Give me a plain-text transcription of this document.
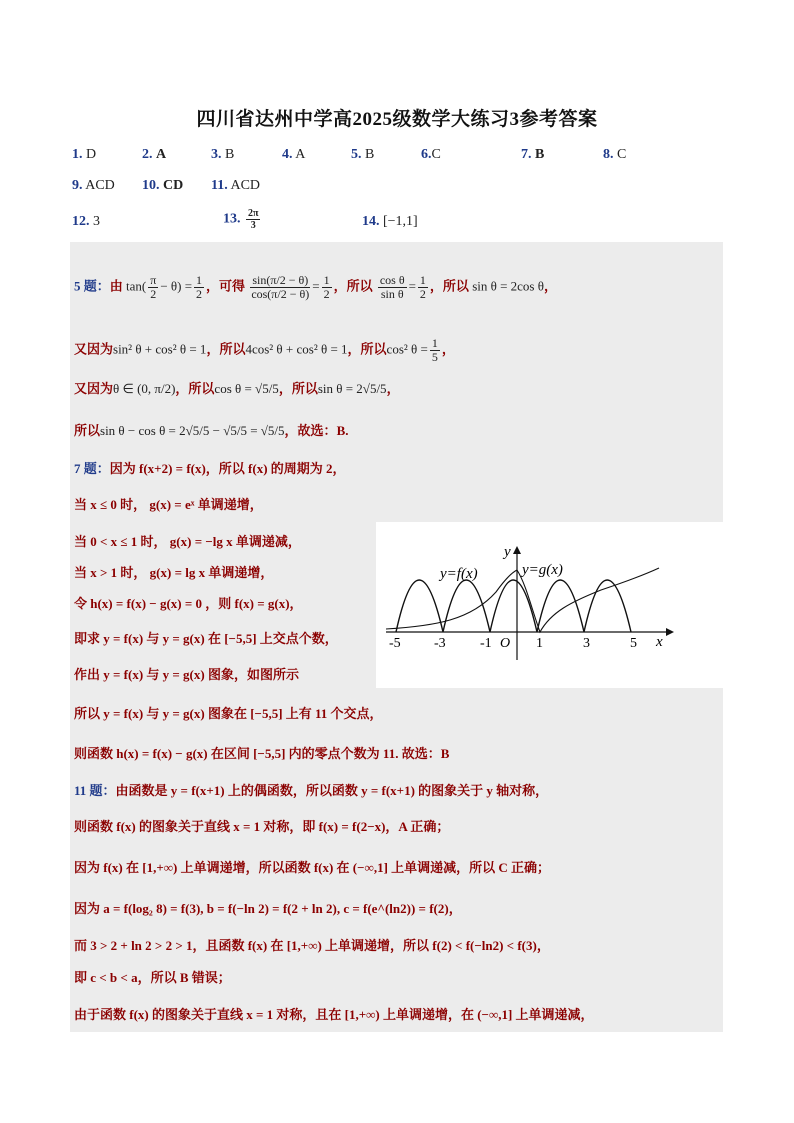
四川省达州中学高2025级数学大练习3参考答案
1. D	2. A	3. B	4. A	5. B	6.C	7. B	8. C
9. ACD 10. CD 11. ACD
12. 3	13. $\frac{2\pi}{3}$	14. [−1,1]
5 题：由 $\tan( \frac{\pi}{2} - \theta) = \frac{1}{2}$ ，可得 $\frac{\sin(\pi/2 - \theta)}{\cos(\pi/2 - \theta)} = \frac{1}{2}$ ，所以 $\frac{\text{cos θ}}{\text{sin θ}} = \frac{1}{2}$ ，所以 sin θ = 2cos θ，
又因为sin² θ + cos² θ = 1，所以4cos² θ + cos² θ = 1，所以cos² $\theta = \frac{1}{5}$ ，
又因为θ ∈ (0, π/2)，所以cos θ = √5/5，所以sin θ = 2√5/5，
所以sin θ − cos θ = 2√5/5 − √5/5 = √5/5，故选：B.
7 题：因为 f(x+2) = f(x)，所以 f(x) 的周期为 2，
当 x ≤ 0 时， g(x) = eˣ 单调递增，
当 0 < x ≤ 1 时， g(x) = −lg x 单调递减，
当 x > 1 时， g(x) = lg x 单调递增，
令 h(x) = f(x) − g(x) = 0 ，则 f(x) = g(x)，
即求 y = f(x) 与 y = g(x) 在 [−5,5] 上交点个数，
作出 y = f(x) 与 y = g(x) 图象，如图所示
所以 y = f(x) 与 y = g(x) 图象在 [−5,5] 上有 11 个交点，
则函数 h(x) = f(x) − g(x) 在区间 [−5,5] 内的零点个数为 11. 故选：B
-5 -3 -1 O 1	3	5 x
y
y=f(x)	y=g(x)
11 题：由函数是 y = f(x+1) 上的偶函数，所以函数 y = f(x+1) 的图象关于 y 轴对称，
则函数 f(x) 的图象关于直线 x = 1 对称，即 f(x) = f(2−x)，A 正确；
因为 f(x) 在 [1,+∞) 上单调递增，所以函数 f(x) 在 (−∞,1] 上单调递减，所以 C 正确；
因为 a = f(log₂ 8) = f(3), b = f(−ln 2) = f(2 + ln 2), c = f(e^(ln2)) = f(2)，
而 3 > 2 + ln 2 > 2 > 1，且函数 f(x) 在 [1,+∞) 上单调递增，所以 f(2) < f(−ln2) < f(3)，
即 c < b < a，所以 B 错误；
由于函数 f(x) 的图象关于直线 x = 1 对称，且在 [1,+∞) 上单调递增，在 (−∞,1] 上单调递减，
